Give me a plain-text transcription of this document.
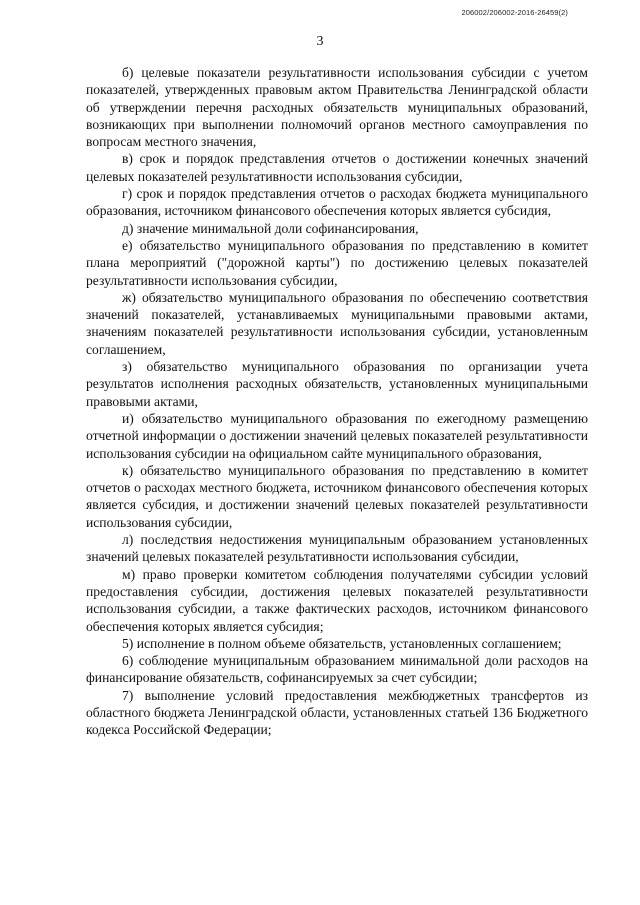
206002/206002-2016-26459(2)
3

б) целевые показатели результативности использования субсидии с учетом показателей, утвержденных правовым актом Правительства Ленинградской области об утверждении перечня расходных обязательств муниципальных образований, возникающих при выполнении полномочий органов местного самоуправления по вопросам местного значения,

в) срок и порядок представления отчетов о достижении конечных значений целевых показателей результативности использования субсидии,

г) срок и порядок представления отчетов о расходах бюджета муниципального образования, источником финансового обеспечения которых является субсидия,

д) значение минимальной доли софинансирования,

е) обязательство муниципального образования по представлению в комитет плана мероприятий ("дорожной карты") по достижению целевых показателей результативности использования субсидии,

ж) обязательство муниципального образования по обеспечению соответствия значений показателей, устанавливаемых муниципальными правовыми актами, значениям показателей результативности использования субсидии, установленным соглашением,

з) обязательство муниципального образования по организации учета результатов исполнения расходных обязательств, установленных муниципальными правовыми актами,

и) обязательство муниципального образования по ежегодному размещению отчетной информации о достижении значений целевых показателей результативности использования субсидии на официальном сайте муниципального образования,

к) обязательство муниципального образования по представлению в комитет отчетов о расходах местного бюджета, источником финансового обеспечения которых является субсидия, и достижении значений целевых показателей результативности использования субсидии,

л) последствия недостижения муниципальным образованием установленных значений целевых показателей результативности использования субсидии,

м) право проверки комитетом соблюдения получателями субсидии условий предоставления субсидии, достижения целевых показателей результативности использования субсидии, а также фактических расходов, источником финансового обеспечения которых является субсидия;

5) исполнение в полном объеме обязательств, установленных соглашением;

6) соблюдение муниципальным образованием минимальной доли расходов на финансирование обязательств, софинансируемых за счет субсидии;

7) выполнение условий предоставления межбюджетных трансфертов из областного бюджета Ленинградской области, установленных статьей 136 Бюджетного кодекса Российской Федерации;
